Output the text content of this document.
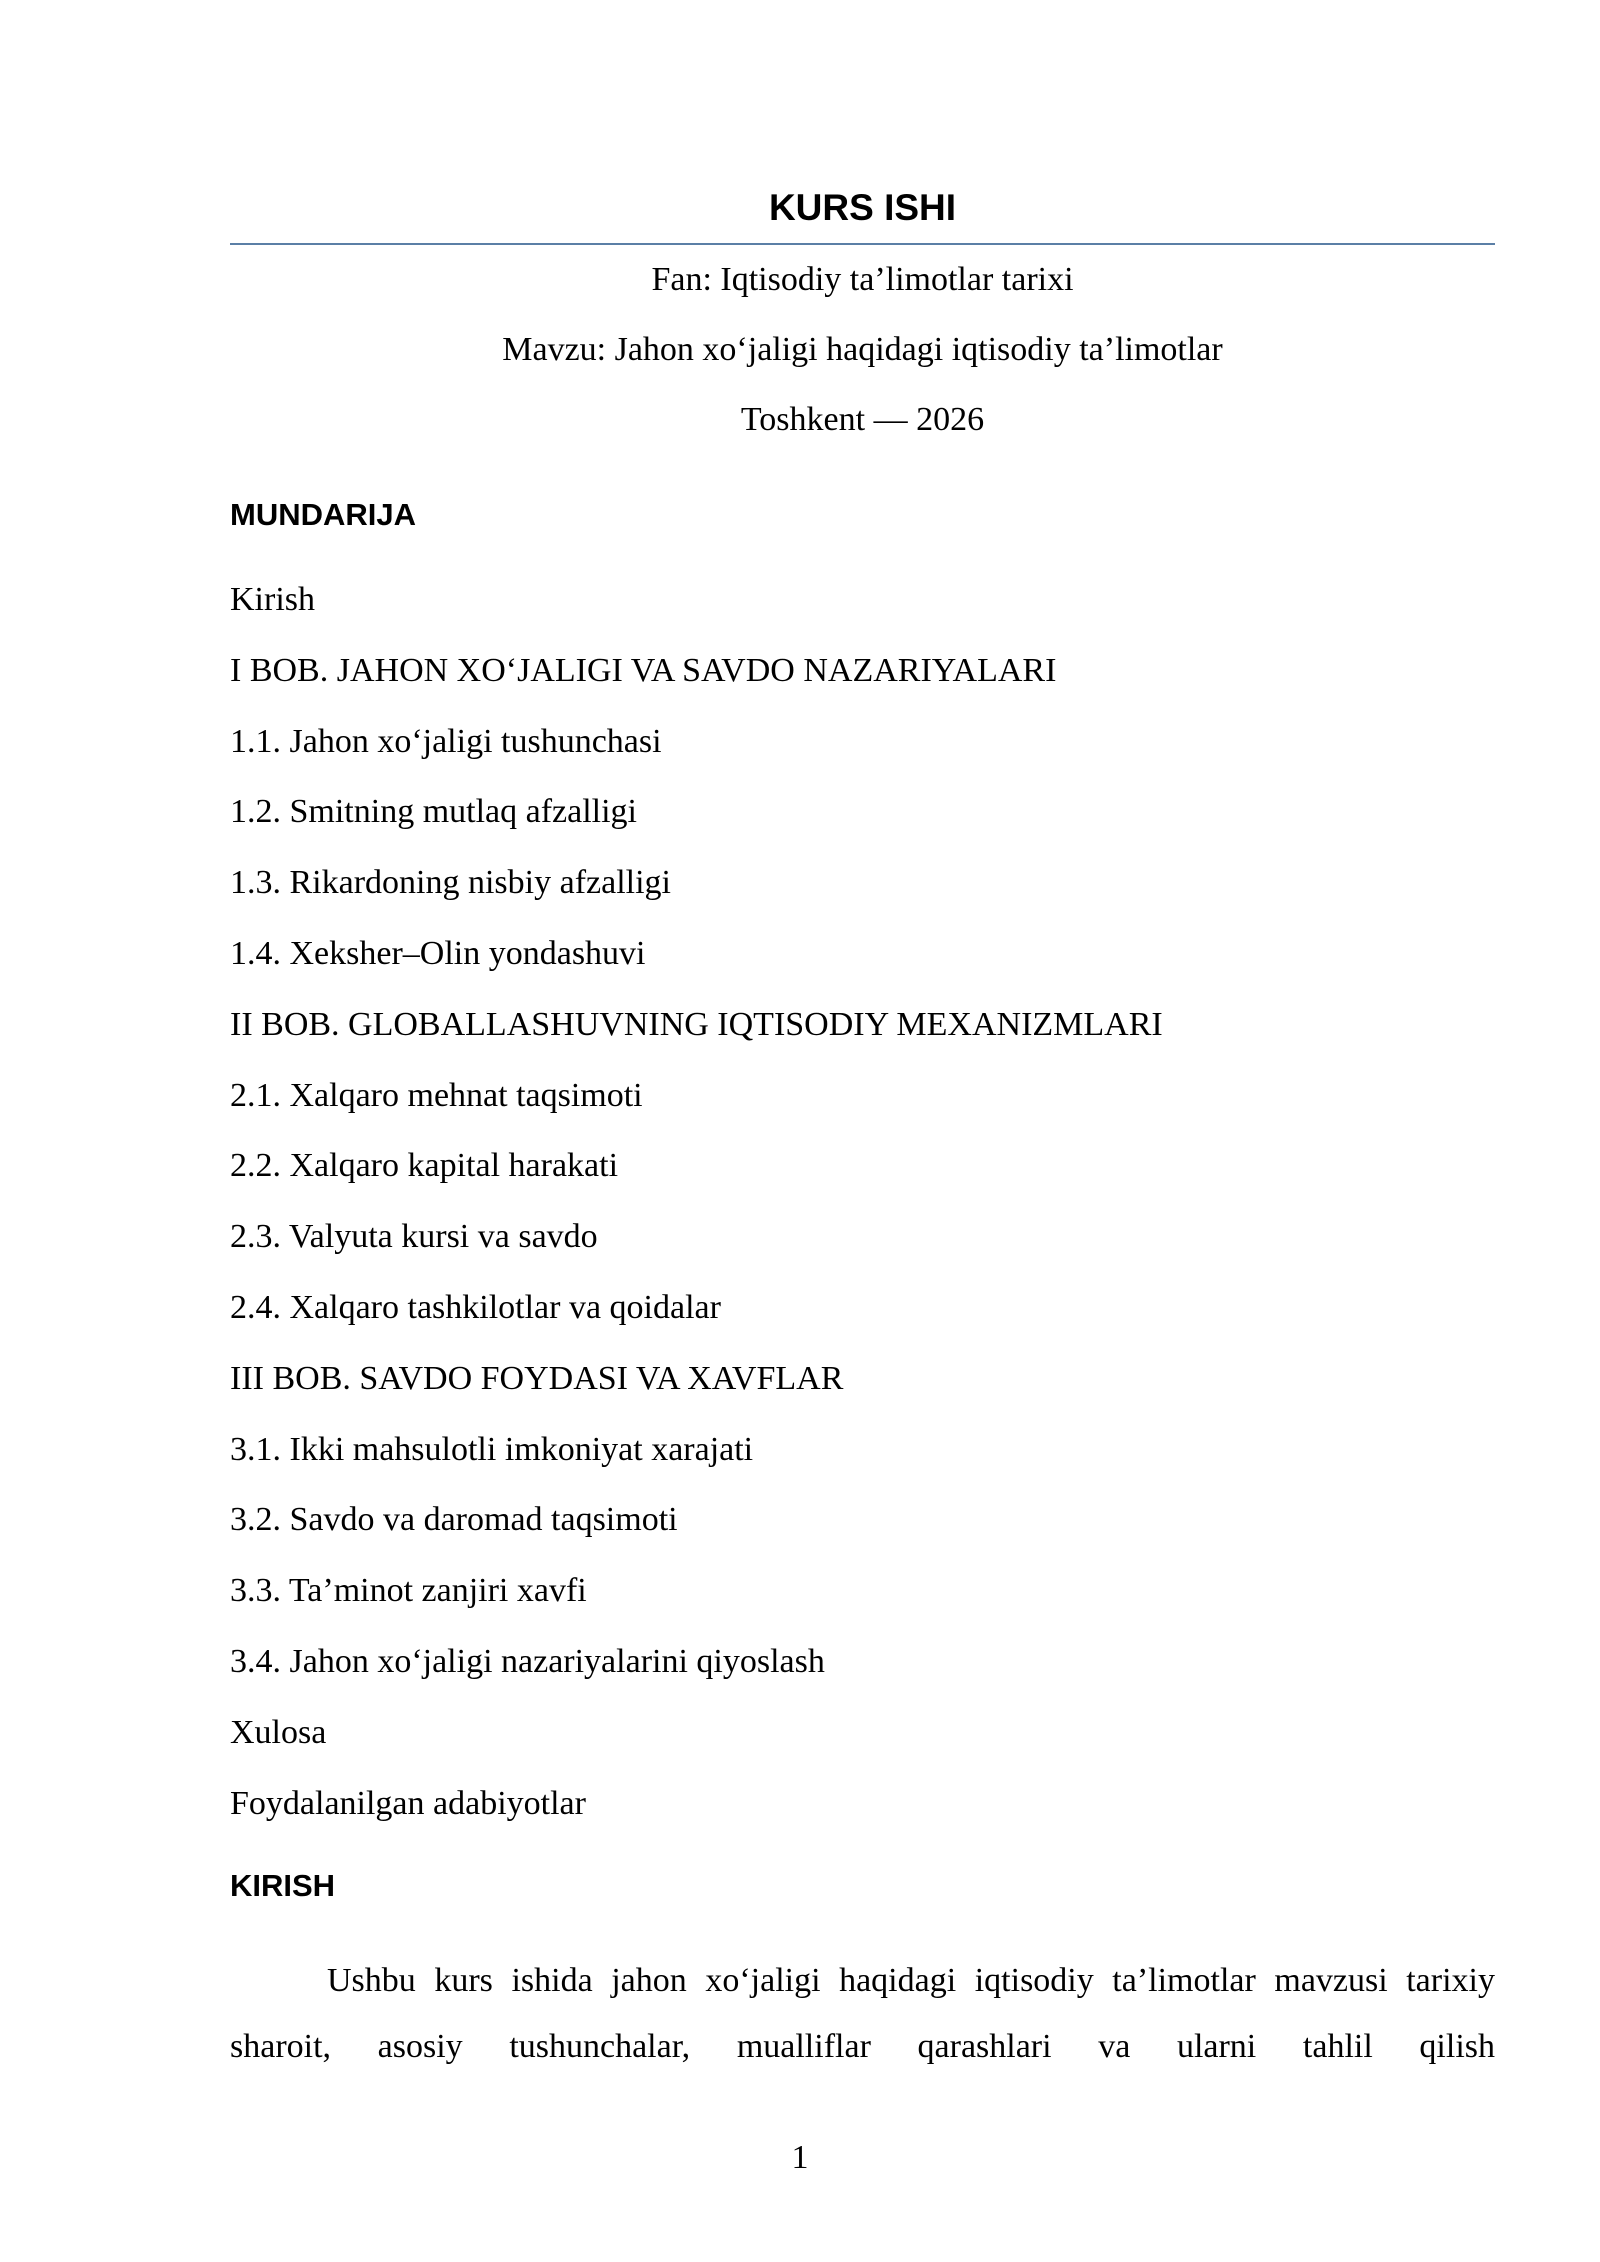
KURS ISHI
Fan: Iqtisodiy ta’limotlar tarixi
Mavzu: Jahon xo‘jaligi haqidagi iqtisodiy ta’limotlar
Toshkent — 2026
MUNDARIJA
Kirish
I BOB. JAHON XO‘JALIGI VA SAVDO NAZARIYALARI
1.1. Jahon xo‘jaligi tushunchasi
1.2. Smitning mutlaq afzalligi
1.3. Rikardoning nisbiy afzalligi
1.4. Xeksher–Olin yondashuvi
II BOB. GLOBALLASHUVNING IQTISODIY MEXANIZMLARI
2.1. Xalqaro mehnat taqsimoti
2.2. Xalqaro kapital harakati
2.3. Valyuta kursi va savdo
2.4. Xalqaro tashkilotlar va qoidalar
III BOB. SAVDO FOYDASI VA XAVFLAR
3.1. Ikki mahsulotli imkoniyat xarajati
3.2. Savdo va daromad taqsimoti
3.3. Ta’minot zanjiri xavfi
3.4. Jahon xo‘jaligi nazariyalarini qiyoslash
Xulosa
Foydalanilgan adabiyotlar
KIRISH

Ushbu kurs ishida jahon xo‘jaligi haqidagi iqtisodiy ta’limotlar mavzusi tarixiy sharoit, asosiy tushunchalar, mualliflar qarashlari va ularni tahlil qilish

1
